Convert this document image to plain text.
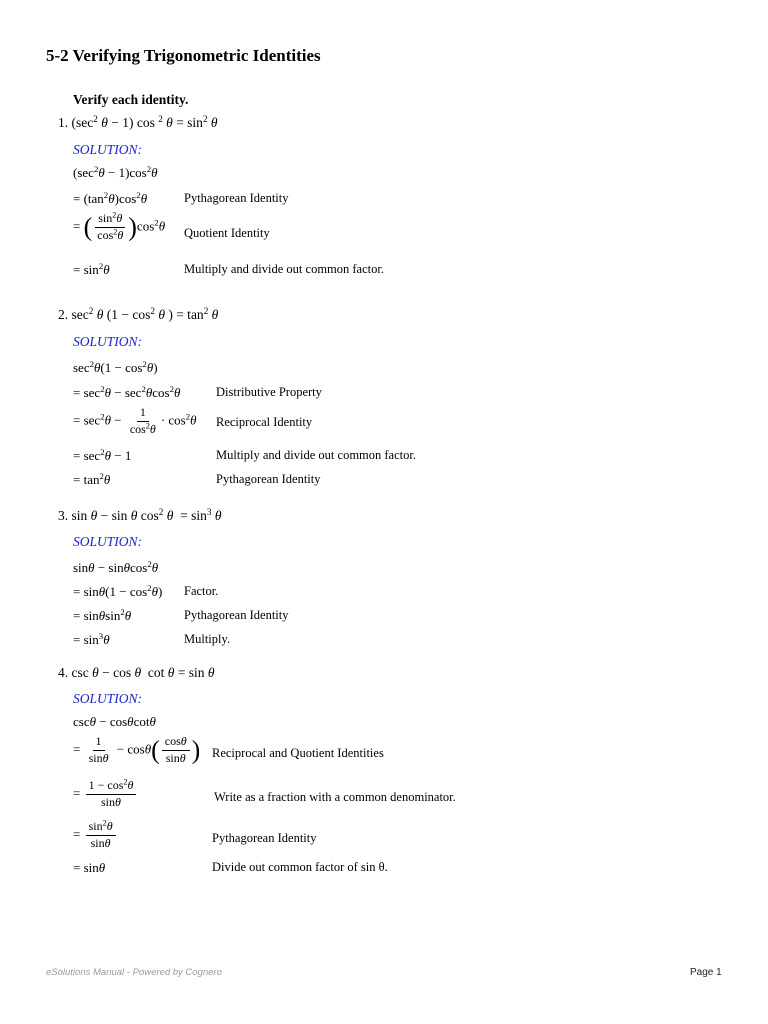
5-2 Verifying Trigonometric Identities
Verify each identity.
1. ($\sec^2$ θ − 1) cos $^2$ $\theta = \sin^2 \theta$
SOLUTION:
$(\sec^2\theta - 1)\cos^2\theta$
= $(\tan^2\theta)\cos^2\theta$	Pythagorean Identity
= ( $\frac{\sin^2\theta}{\cos^2\theta} )\cos^2\theta$ Quotient Identity
= $\sin^2\theta$	Multiply and divide out common factor.
2. $\sec^2 \theta$ ($1 - \cos^2 \theta$ ) = $\tan^2 \theta$
SOLUTION:
$\sec^2\theta(1 - \cos^2\theta)$
= $\sec^2\theta - \sec^2\theta\cos^2\theta$	Distributive Property
= $\sec^2\theta - \frac{1}{\cos^2\theta} \cdot \cos^2\theta$ Reciprocal Identity
= $\sec^2\theta - 1$	Multiply and divide out common factor.
= $\tan^2\theta$	Pythagorean Identity
3. sin θ − sin θ $\cos^2 \theta = \sin^3 \theta$
SOLUTION:
sinθ − sinθcos$^2$θ
= $\sin\theta(1 - \cos^2\theta)$ Factor.
= sinθsin$^2$θ	Pythagorean Identity
= $\sin^3\theta$	Multiply.
4. csc θ − cos θ  cot θ = sin θ
SOLUTION:
cscθ − cosθcotθ
= $\frac{1}{\sin\theta} - \cos\theta( \frac{\cos\theta}{\sin\theta}$ ) Reciprocal and Quotient Identities
= $\frac{1 - \cos^2\theta}{\sin\theta}$	Write as a fraction with a common denominator.
= $\frac{\sin^2\theta}{\sin\theta}$	Pythagorean Identity
= sinθ	Divide out common factor of sin θ.
eSolutions Manual - Powered by Cognero	Page 1
